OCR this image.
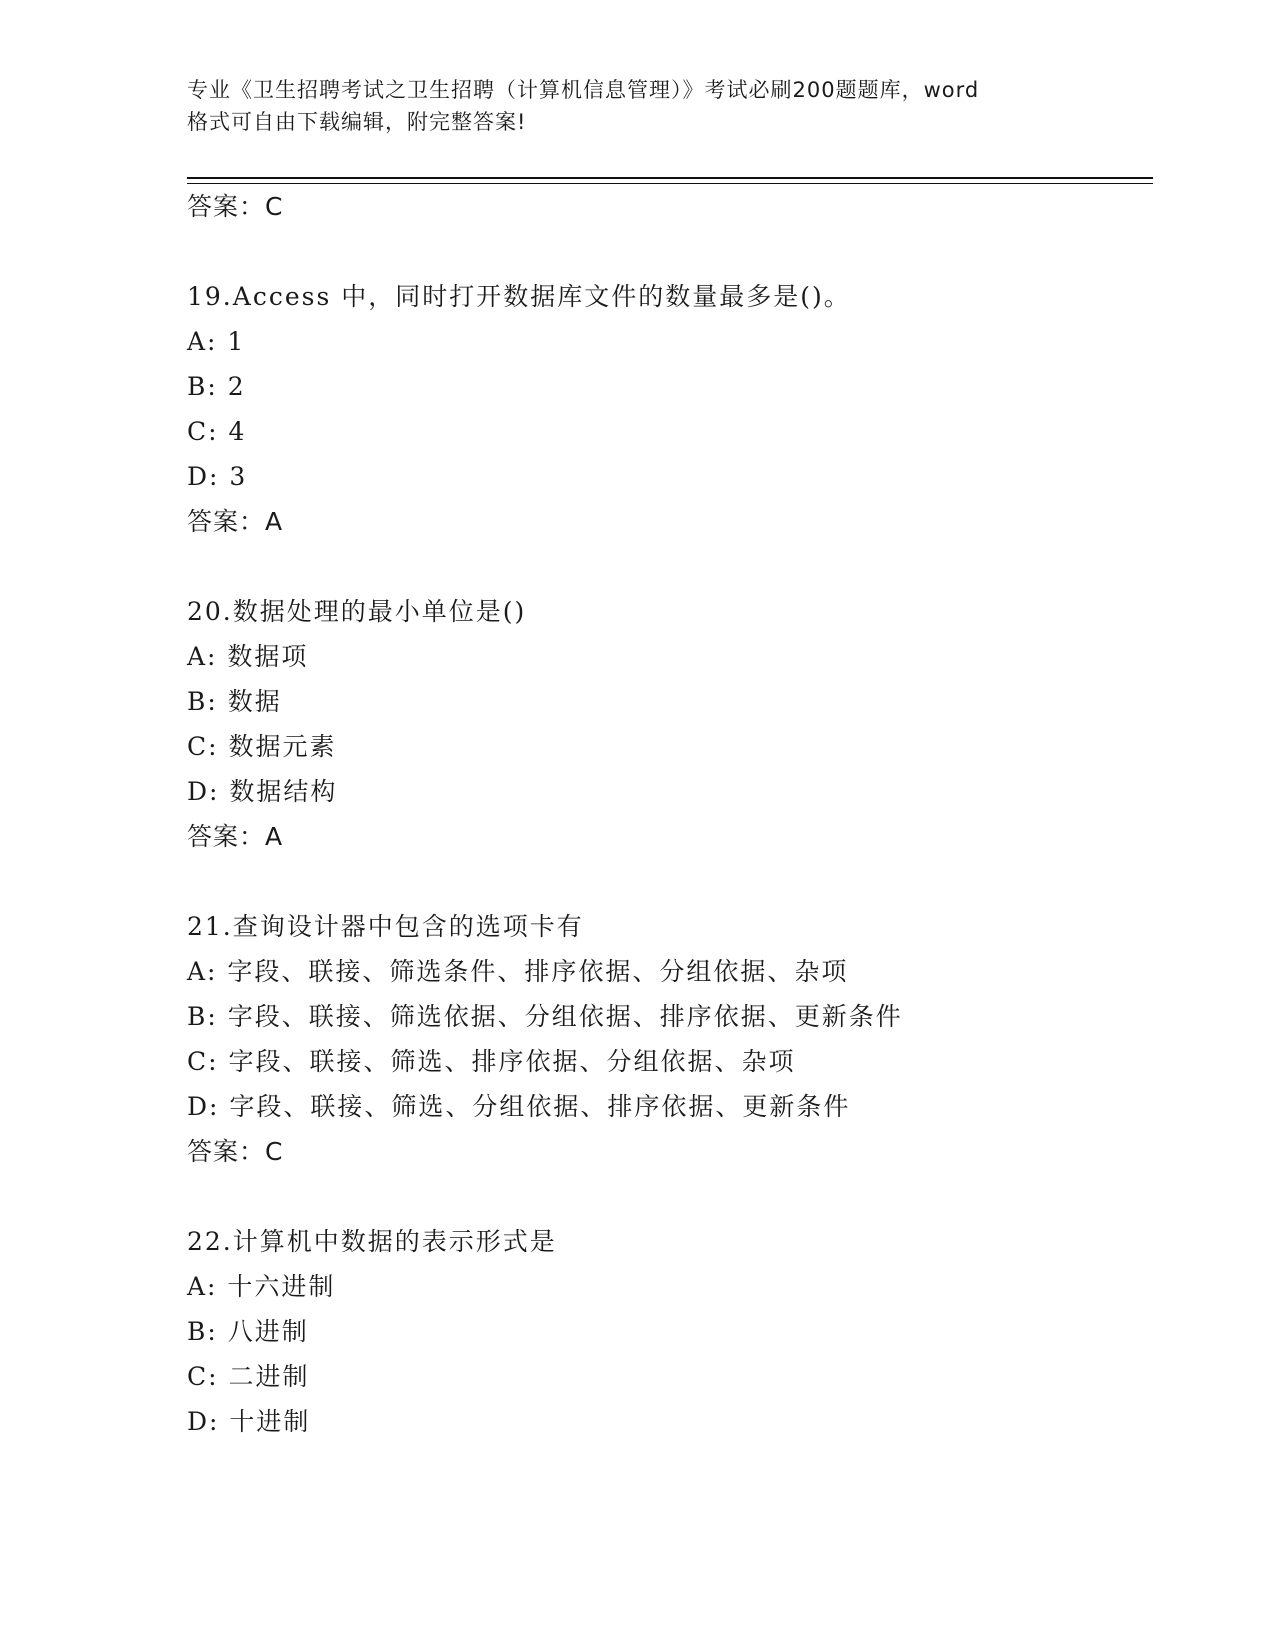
专业《卫生招聘考试之卫生招聘（计算机信息管理）》考试必刷200题题库，word
格式可自由下载编辑，附完整答案!
答案：C
19.Access 中，同时打开数据库文件的数量最多是()。
A: 1
B: 2
C: 4
D: 3
答案：A
20.数据处理的最小单位是()
A: 数据项
B: 数据
C: 数据元素
D: 数据结构
答案：A
21.查询设计器中包含的选项卡有
A: 字段、联接、筛选条件、排序依据、分组依据、杂项
B: 字段、联接、筛选依据、分组依据、排序依据、更新条件
C: 字段、联接、筛选、排序依据、分组依据、杂项
D: 字段、联接、筛选、分组依据、排序依据、更新条件
答案：C
22.计算机中数据的表示形式是
A: 十六进制
B: 八进制
C: 二进制
D: 十进制
